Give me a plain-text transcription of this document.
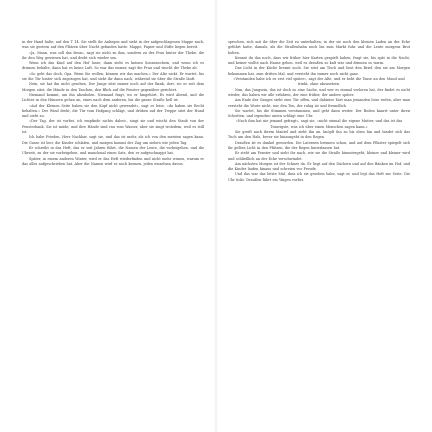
in der Hand halte, auf den T 14. Sie stellt ihr Anliegen und sieht in der aufgeschlagenen Mappe nach, was sie gestern auf den Plätzen über Nacht gefunden hatte. Mappe, Papier und Stifte liegen bereit.

»Ja, Mann, was soll das denn«, sagt sie nicht zu ihm, sondern zu der Frau hinter der Theke, die ihr den Weg gewiesen hat, und dreht sich wieder um.

Wenn ich das Kind auf den Hof lasse, dann sieht es keinen Sonnenschein, und wenn ich es drinnen behalte, dann hat es keine Luft. So war das immer, sagt die Frau und wischt die Theke ab.

»So geht das doch, Opa. Wenn Sie wollen, können wir das machen.« Der Alte nickt. Er wartet, bis sie die Tür hinter sich zugezogen hat, und sieht ihr dann nach, während sie über die Straße läuft.

Nein, sie hat ihn nicht gesehen. Der Junge sitzt immer noch auf der Bank, dort, wo er seit dem Morgen sitzt, die Hände in den Taschen, den Blick auf die Fenster gegenüber gerichtet.

Niemand kommt, um ihn abzuholen. Niemand fragt, wo er hingehört. Es wird Abend, und die Lichter in den Häusern gehen an, eines nach dem anderen, bis die ganze Straße hell ist.

»Auf der Kleinen Seite haben sie den Kopf nicht gewendet«, sagt er leise, »da haben sie Recht behalten.« Der Wind dreht, die Tür vom Hofgang schlägt, und drüben auf der Treppe sitzt der Hund und sieht zu.

»Der Tag, der ist vorbei, ich empfinde nichts dabei«, singt sie und wischt den Staub von der Fensterbank. Sie ist müde, und ihre Hände sind rau vom Wasser, aber sie singt trotzdem, weil es still ist.

Ich habe Frieden, Herr Nachbar, sagt sie, und das ist mehr, als ich von den meisten sagen kann. Die Gasse ist leer, die Kinder schlafen, und morgen kommt der Zug um sieben wie jeden Tag.

Er schreibt in das Heft, das er seit Jahren führt, die Namen der Leute, die vorbeigehen, und die Uhrzeit, zu der sie vorbeigehen, und manchmal einen Satz, den er aufgeschnappt hat.

Später, in einem anderen Winter, wird er das Heft wiederfinden und nicht mehr wissen, warum er das alles aufgeschrieben hat. Aber die Namen wird er noch kennen, jeden einzelnen davon.

sprechen, sich mit ihr über die Zeit zu unterhalten, in der sie noch den kleinen Laden an der Ecke geführt hatte, damals, als die Straßenbahn noch bis zum Markt fuhr und die Leute morgens Brot holten.

Kennst du das noch, dass wir früher hier Karten gespielt haben, fragt sie, bis spät in die Nacht, und keiner wollte nach Hause gehen, weil es draußen so kalt war und drinnen so warm.

Das Licht in der Küche brennt noch. Sie sitzt am Tisch und liest den Brief, den sie am Morgen bekommen hat, zum dritten Mal, und versteht ihn immer noch nicht ganz.

»Verstanden habe ich es erst viel später«, sagt der Alte, und er hebt die Tasse an den Mund und trinkt, ohne abzusetzen.

Nun, das Jungsein, das ist doch so eine Sache, und wer es einmal verloren hat, der findet es nicht wieder, das haben wir alle erfahren, der eine früher, der andere später.

Am Ende des Ganges steht eine Tür offen, und dahinter hört man jemanden leise reden, aber man versteht die Worte nicht, nur den Ton, der ruhig ist und freundlich.

Sie wartet, bis die Stimmen verstummen, und geht dann weiter. Der Boden knarrt unter ihren Schritten, und irgendwo unten schlägt eine Uhr.

»Nach ihm hat nie jemand gefragt«, sagt sie, »nicht einmal die eigene Mutter, und das ist das Traurigste, was ich über einen Menschen sagen kann.«

Sie greift nach ihrem Mantel und zieht ihn an, knöpft ihn zu bis oben hin und bindet sich das Tuch um den Hals, bevor sie hinausgeht in den Regen.

Draußen ist es dunkel geworden. Die Laternen brennen schon, und auf dem Pflaster spiegelt sich ihr gelbes Licht in den Pfützen, die der Regen hinterlassen hat.

Er steht am Fenster und sieht ihr nach, wie sie die Straße hinuntergeht, kleiner und kleiner wird und schließlich an der Ecke verschwindet.

Am nächsten Morgen ist der Schnee da. Er liegt auf den Dächern und auf den Bänken im Hof, und die Kinder laufen hinaus und schreien vor Freude.

Und das war das letzte Mal, dass ich sie gesehen habe, sagt er, und legt das Heft zur Seite. Die Uhr tickt. Draußen fährt ein Wagen vorbei.
